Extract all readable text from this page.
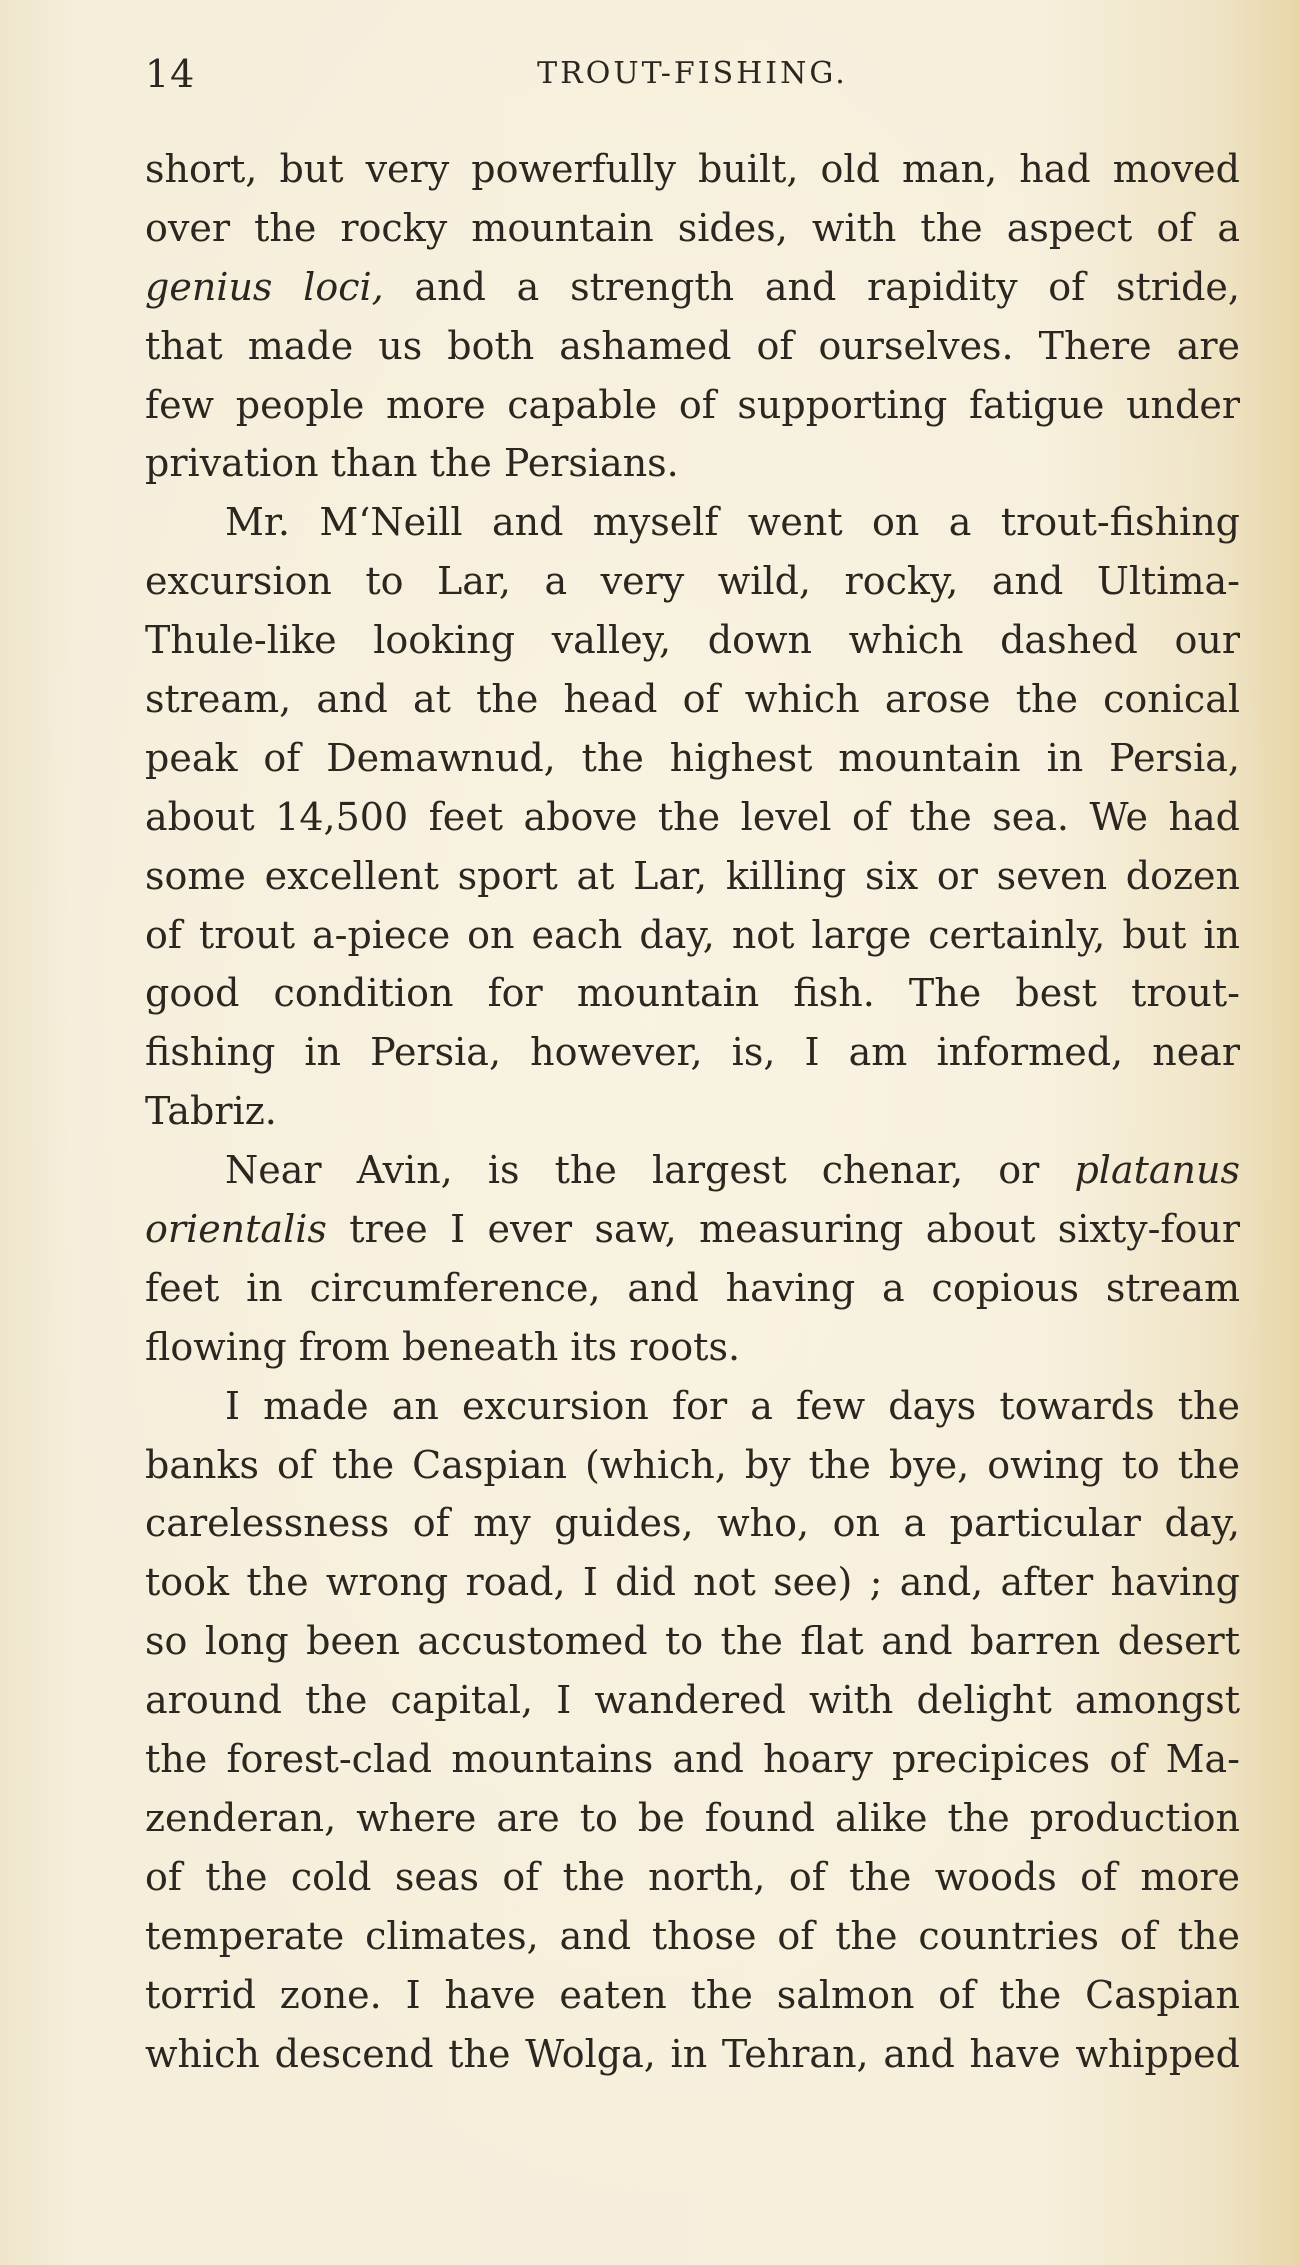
14	TROUT-FISHING.
short, but very powerfully built, old man, had moved
over the rocky mountain sides, with the aspect of a
genius loci, and a strength and rapidity of stride,
that made us both ashamed of ourselves. There are
few people more capable of supporting fatigue under
privation than the Persians.
Mr. M‘Neill and myself went on a trout-fishing
excursion to Lar, a very wild, rocky, and Ultima-
Thule-like looking valley, down which dashed our
stream, and at the head of which arose the conical
peak of Demawnud, the highest mountain in Persia,
about 14,500 feet above the level of the sea. We had
some excellent sport at Lar, killing six or seven dozen
of trout a-piece on each day, not large certainly, but in
good condition for mountain fish. The best trout-
fishing in Persia, however, is, I am informed, near
Tabriz.
Near Avin, is the largest chenar, or platanus
orientalis tree I ever saw, measuring about sixty-four
feet in circumference, and having a copious stream
flowing from beneath its roots.
I made an excursion for a few days towards the
banks of the Caspian (which, by the bye, owing to the
carelessness of my guides, who, on a particular day,
took the wrong road, I did not see) ; and, after having
so long been accustomed to the flat and barren desert
around the capital, I wandered with delight amongst
the forest-clad mountains and hoary precipices of Ma-
zenderan, where are to be found alike the production
of the cold seas of the north, of the woods of more
temperate climates, and those of the countries of the
torrid zone. I have eaten the salmon of the Caspian
which descend the Wolga, in Tehran, and have whipped
